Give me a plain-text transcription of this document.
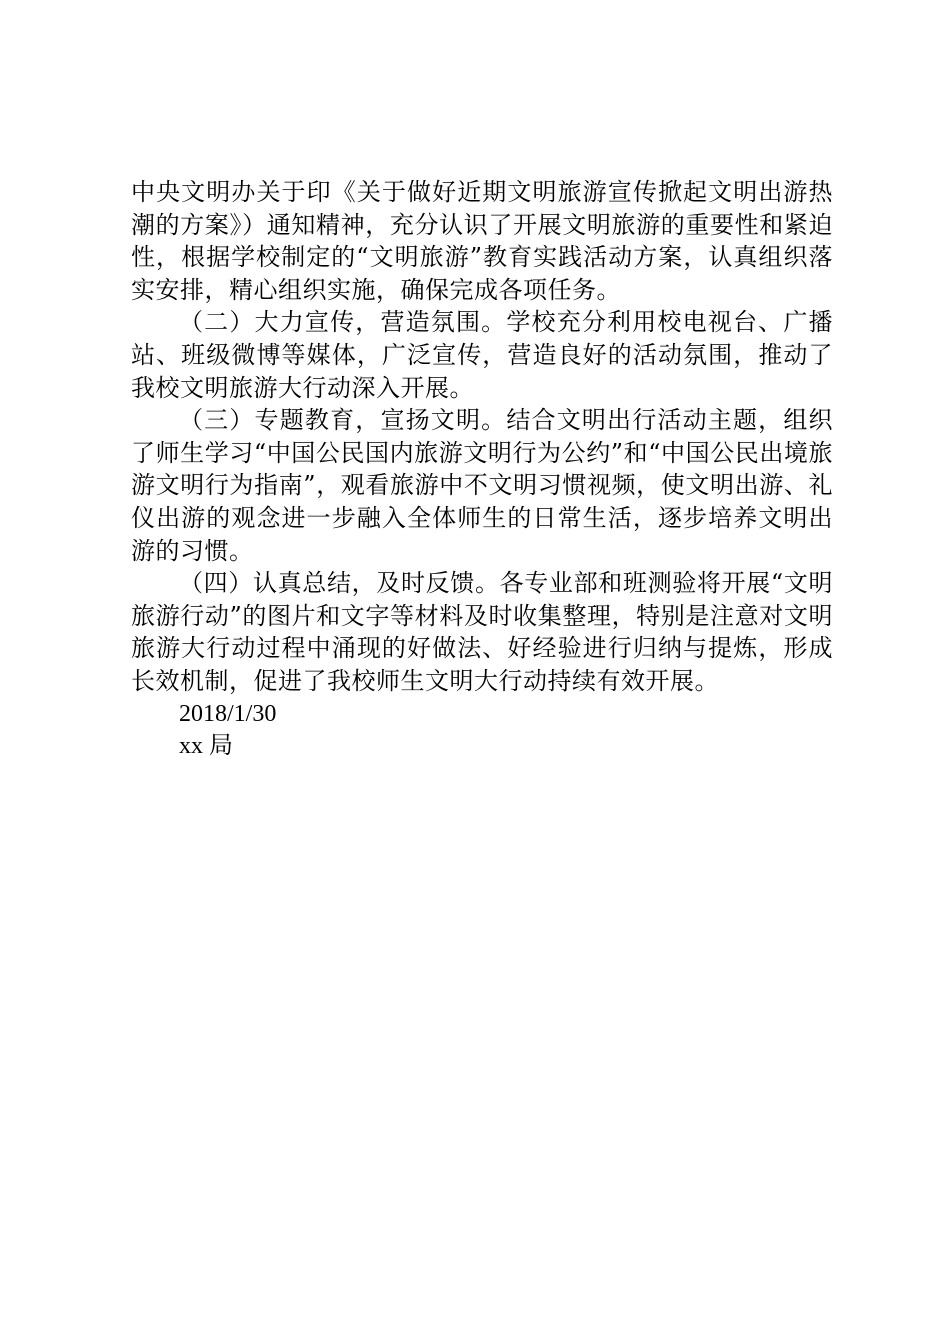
中央文明办关于印《关于做好近期文明旅游宣传掀起文明出游热潮的方案》）通知精神，充分认识了开展文明旅游的重要性和紧迫性，根据学校制定的“文明旅游”教育实践活动方案，认真组织落实安排，精心组织实施，确保完成各项任务。

（二）大力宣传，营造氛围。学校充分利用校电视台、广播站、班级微博等媒体，广泛宣传，营造良好的活动氛围，推动了我校文明旅游大行动深入开展。

（三）专题教育，宣扬文明。结合文明出行活动主题，组织了师生学习“中国公民国内旅游文明行为公约”和“中国公民出境旅游文明行为指南”，观看旅游中不文明习惯视频，使文明出游、礼仪出游的观念进一步融入全体师生的日常生活，逐步培养文明出游的习惯。

（四）认真总结，及时反馈。各专业部和班测验将开展“文明旅游行动”的图片和文字等材料及时收集整理，特别是注意对文明旅游大行动过程中涌现的好做法、好经验进行归纳与提炼，形成长效机制，促进了我校师生文明大行动持续有效开展。

2018/1/30

xx 局
